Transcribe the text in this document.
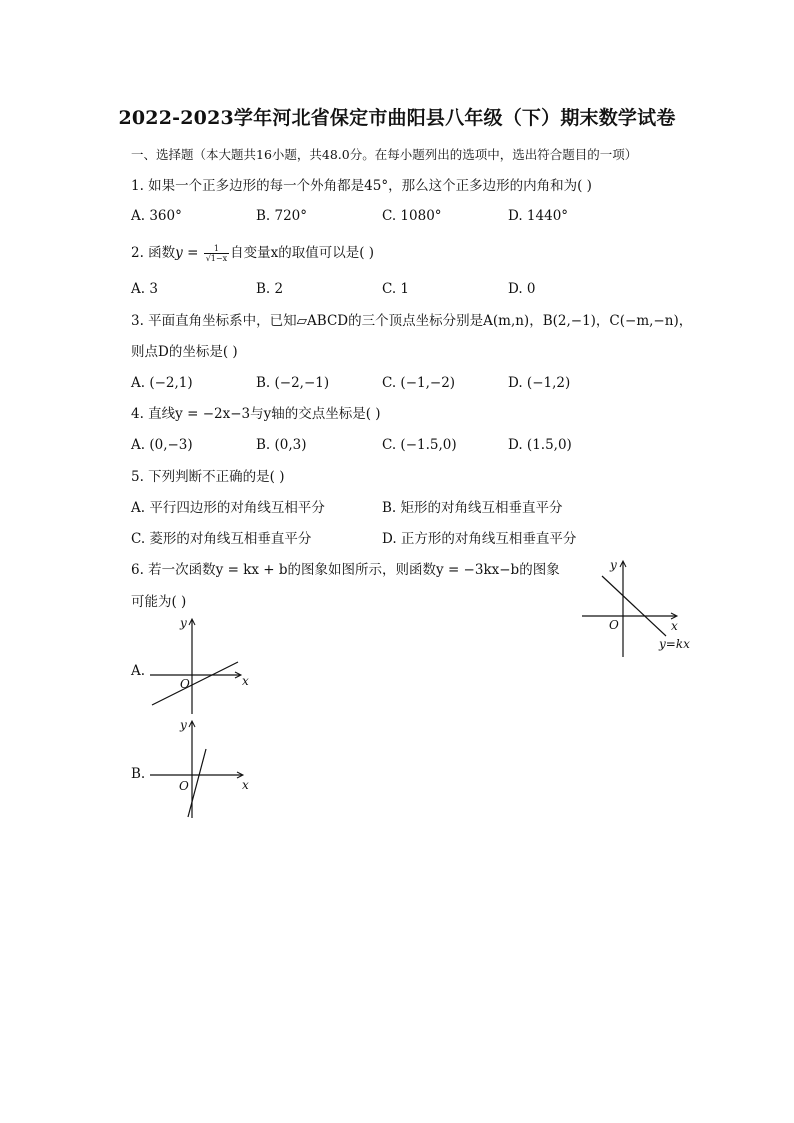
2022-2023学年河北省保定市曲阳县八年级（下）期末数学试卷
一、选择题（本大题共16小题，共48.0分。在每小题列出的选项中，选出符合题目的一项）
1. 如果一个正多边形的每一个外角都是45°，那么这个正多边形的内角和为( )
A. 360°	B. 720°	C. 1080°	D. 1440°
2. 函数$y = \frac{1}{√1-x}$ 自变量x的取值可以是( )
A. 3	B. 2	C. 1	D. 0
3. 平面直角坐标系中，已知▱ABCD的三个顶点坐标分别是A(m,n)，B(2,−1)，C(−m,−n)，
则点D的坐标是( )
A. (−2,1)	B. (−2,−1)	C. (−1,−2)	D. (−1,2)
4. 直线y = −2x−3与y轴的交点坐标是( )
A. (0,−3)	B. (0,3)	C. (−1.5,0)	D. (1.5,0)
5. 下列判断不正确的是( )
A. 平行四边形的对角线互相平分	B. 矩形的对角线互相垂直平分
C. 菱形的对角线互相垂直平分	D. 正方形的对角线互相垂直平分
6. 若一次函数y = kx + b的图象如图所示，则函数y = −3kx−b的图象
可能为( )
y
x
O
y=kx
A.
y
x
O
B.
y
x
O
